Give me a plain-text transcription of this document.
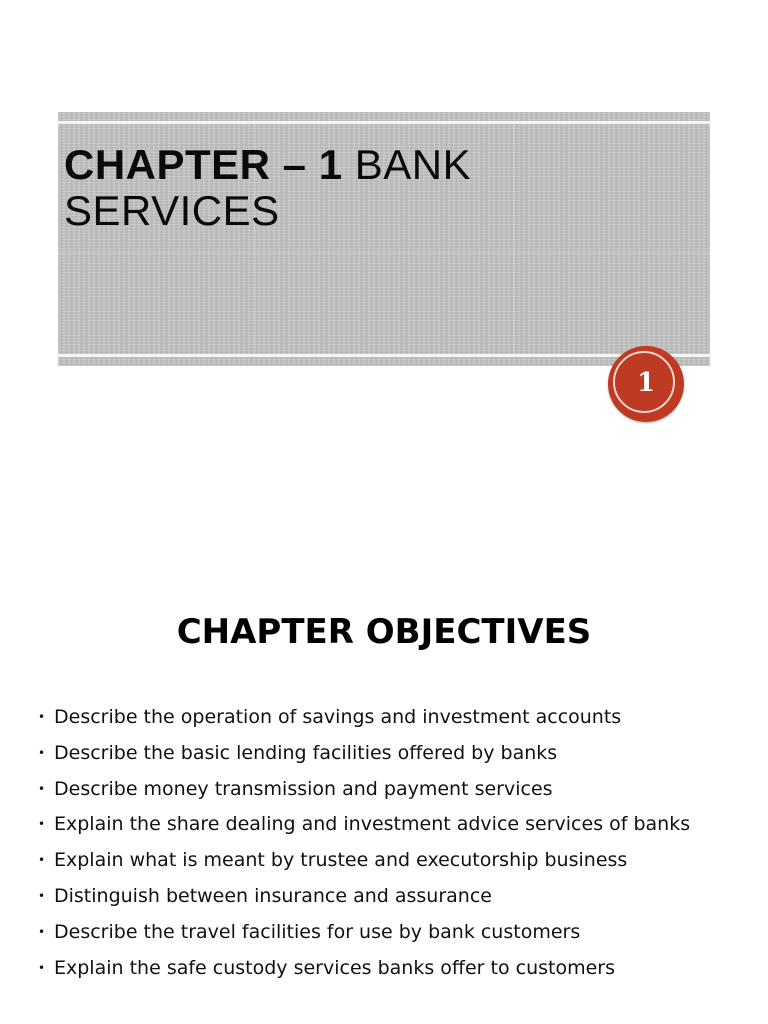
CHAPTER – 1 BANK
SERVICES
1
CHAPTER OBJECTIVES
• Describe the operation of savings and investment accounts
• Describe the basic lending facilities offered by banks
• Describe money transmission and payment services
• Explain the share dealing and investment advice services of banks
• Explain what is meant by trustee and executorship business
• Distinguish between insurance and assurance
• Describe the travel facilities for use by bank customers
• Explain the safe custody services banks offer to customers
